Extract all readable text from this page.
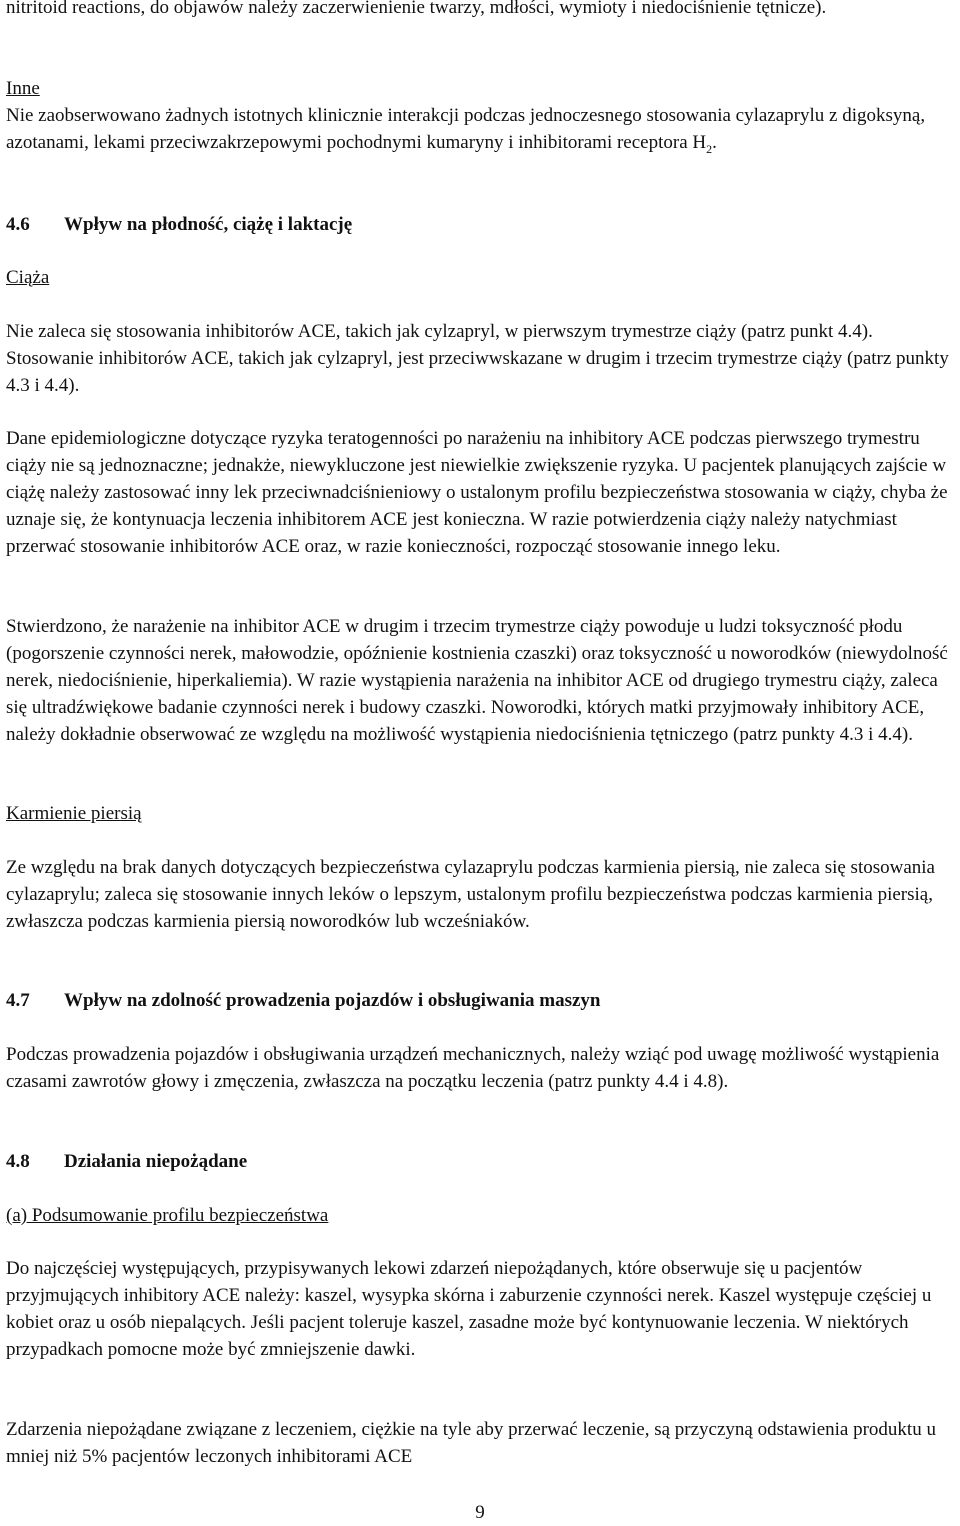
nitritoid reactions, do objawów należy zaczerwienienie twarzy, mdłości, wymioty i niedociśnienie tętnicze).

Inne

Nie zaobserwowano żadnych istotnych klinicznie interakcji podczas jednoczesnego stosowania cylazaprylu z digoksyną, azotanami, lekami przeciwzakrzepowymi pochodnymi kumaryny i inhibitorami receptora $H_2$.

4.6 Wpływ na płodność, ciążę i laktację

Ciąża

Nie zaleca się stosowania inhibitorów ACE, takich jak cylzapryl, w pierwszym trymestrze ciąży (patrz punkt 4.4). Stosowanie inhibitorów ACE, takich jak cylzapryl, jest przeciwwskazane w drugim i trzecim trymestrze ciąży (patrz punkty 4.3 i 4.4).

Dane epidemiologiczne dotyczące ryzyka teratogenności po narażeniu na inhibitory ACE podczas pierwszego trymestru ciąży nie są jednoznaczne; jednakże, niewykluczone jest niewielkie zwiększenie ryzyka. U pacjentek planujących zajście w ciążę należy zastosować inny lek przeciwnadciśnieniowy o ustalonym profilu bezpieczeństwa stosowania w ciąży, chyba że uznaje się, że kontynuacja leczenia inhibitorem ACE jest konieczna. W razie potwierdzenia ciąży należy natychmiast przerwać stosowanie inhibitorów ACE oraz, w razie konieczności, rozpocząć stosowanie innego leku.

Stwierdzono, że narażenie na inhibitor ACE w drugim i trzecim trymestrze ciąży powoduje u ludzi toksyczność płodu (pogorszenie czynności nerek, małowodzie, opóźnienie kostnienia czaszki) oraz toksyczność u noworodków (niewydolność nerek, niedociśnienie, hiperkaliemia). W razie wystąpienia narażenia na inhibitor ACE od drugiego trymestru ciąży, zaleca się ultradźwiękowe badanie czynności nerek i budowy czaszki. Noworodki, których matki przyjmowały inhibitory ACE, należy dokładnie obserwować ze względu na możliwość wystąpienia niedociśnienia tętniczego (patrz punkty 4.3 i 4.4).

Karmienie piersią

Ze względu na brak danych dotyczących bezpieczeństwa cylazaprylu podczas karmienia piersią, nie zaleca się stosowania cylazaprylu; zaleca się stosowanie innych leków o lepszym, ustalonym profilu bezpieczeństwa podczas karmienia piersią, zwłaszcza podczas karmienia piersią noworodków lub wcześniaków.

4.7 Wpływ na zdolność prowadzenia pojazdów i obsługiwania maszyn

Podczas prowadzenia pojazdów i obsługiwania urządzeń mechanicznych, należy wziąć pod uwagę możliwość wystąpienia czasami zawrotów głowy i zmęczenia, zwłaszcza na początku leczenia (patrz punkty 4.4 i 4.8).

4.8 Działania niepożądane

(a) Podsumowanie profilu bezpieczeństwa

Do najczęściej występujących, przypisywanych lekowi zdarzeń niepożądanych, które obserwuje się u pacjentów przyjmujących inhibitory ACE należy: kaszel, wysypka skórna i zaburzenie czynności nerek. Kaszel występuje częściej u kobiet oraz u osób niepalących. Jeśli pacjent toleruje kaszel, zasadne może być kontynuowanie leczenia. W niektórych przypadkach pomocne może być zmniejszenie dawki.

Zdarzenia niepożądane związane z leczeniem, ciężkie na tyle aby przerwać leczenie, są przyczyną odstawienia produktu u mniej niż 5% pacjentów leczonych inhibitorami ACE

9
